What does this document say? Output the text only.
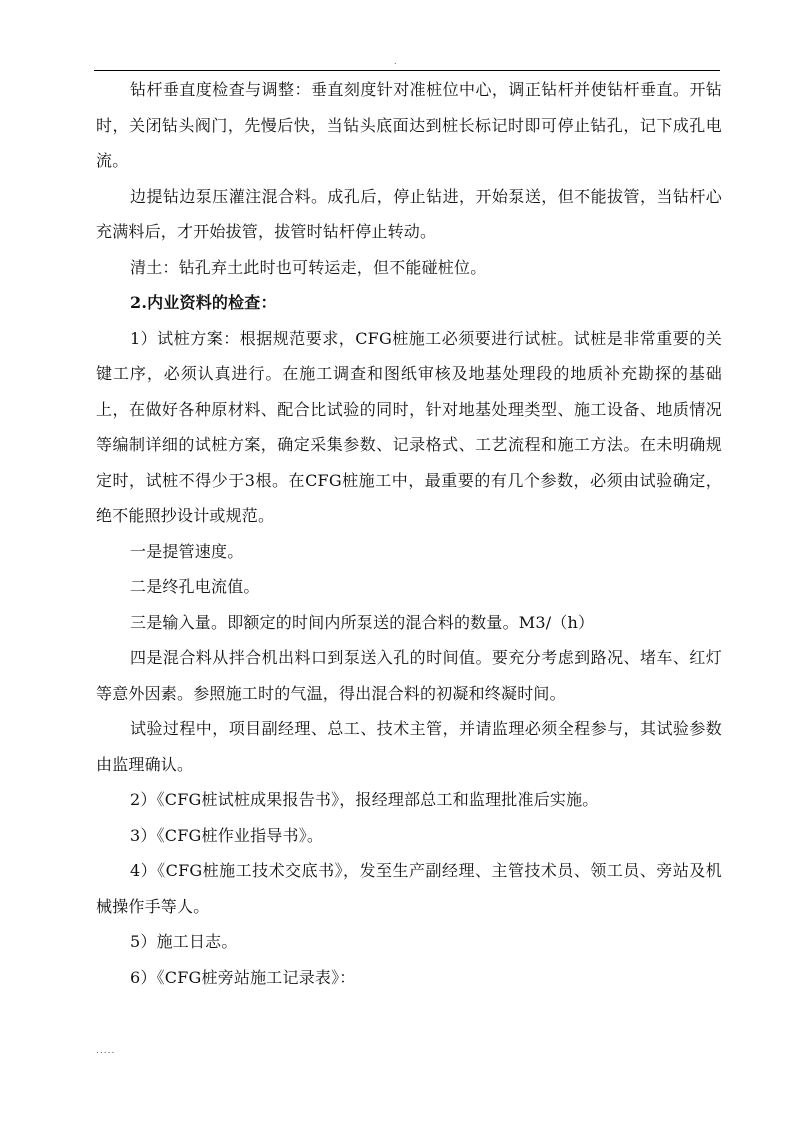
.

钻杆垂直度检查与调整：垂直刻度针对准桩位中心，调正钻杆并使钻杆垂直。开钻时，关闭钻头阀门，先慢后快，当钻头底面达到桩长标记时即可停止钻孔，记下成孔电流。

边提钻边泵压灌注混合料。成孔后，停止钻进，开始泵送，但不能拔管，当钻杆心充满料后，才开始拔管，拔管时钻杆停止转动。

清土：钻孔弃土此时也可转运走，但不能碰桩位。

2.内业资料的检查：

1）试桩方案：根据规范要求，CFG桩施工必须要进行试桩。试桩是非常重要的关键工序，必须认真进行。在施工调查和图纸审核及地基处理段的地质补充勘探的基础上，在做好各种原材料、配合比试验的同时，针对地基处理类型、施工设备、地质情况等编制详细的试桩方案，确定采集参数、记录格式、工艺流程和施工方法。在未明确规定时，试桩不得少于3根。在CFG桩施工中，最重要的有几个参数，必须由试验确定，绝不能照抄设计或规范。

一是提管速度。

二是终孔电流值。

三是输入量。即额定的时间内所泵送的混合料的数量。M3/（h）

四是混合料从拌合机出料口到泵送入孔的时间值。要充分考虑到路况、堵车、红灯等意外因素。参照施工时的气温，得出混合料的初凝和终凝时间。

试验过程中，项目副经理、总工、技术主管，并请监理必须全程参与，其试验参数由监理确认。

2）《CFG桩试桩成果报告书》，报经理部总工和监理批准后实施。

3）《CFG桩作业指导书》。

4）《CFG桩施工技术交底书》，发至生产副经理、主管技术员、领工员、旁站及机械操作手等人。

5）施工日志。

6）《CFG桩旁站施工记录表》：

.....
